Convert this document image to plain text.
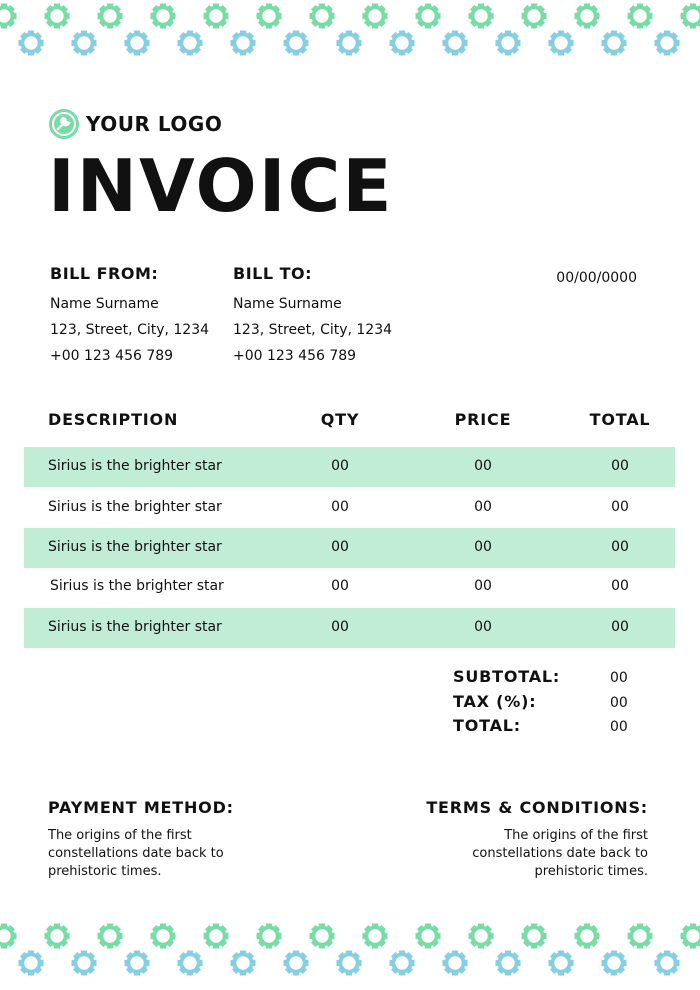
YOUR LOGO
INVOICE
BILL FROM:
Name Surname
123, Street, City, 1234
+00 123 456 789
BILL TO:
Name Surname
123, Street, City, 1234
+00 123 456 789
00/00/0000
DESCRIPTION	QTY	PRICE	TOTAL
Sirius is the brighter star	00	00	00
Sirius is the brighter star	00	00	00
Sirius is the brighter star	00	00	00
Sirius is the brighter star	00	00	00
Sirius is the brighter star	00	00	00
SUBTOTAL:	00
TAX (%):	00
TOTAL:	00
PAYMENT METHOD:
The origins of the first constellations date back to prehistoric times.
TERMS & CONDITIONS:
The origins of the first constellations date back to prehistoric times.
